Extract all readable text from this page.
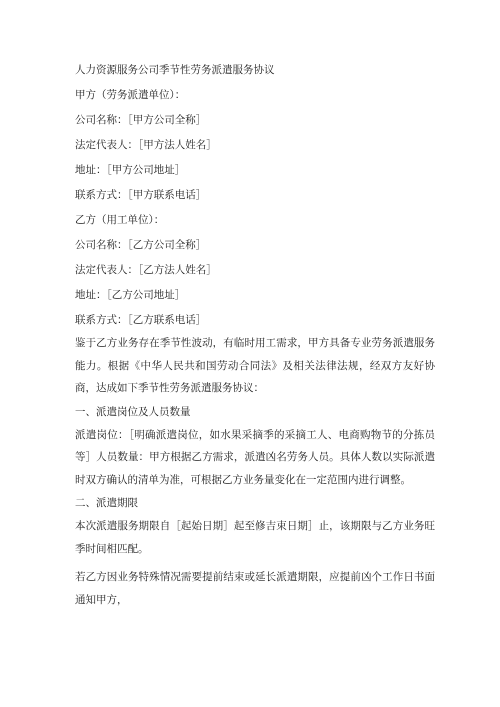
人力资源服务公司季节性劳务派遣服务协议

甲方（劳务派遣单位）：

公司名称：［甲方公司全称］

法定代表人：［甲方法人姓名］

地址：［甲方公司地址］

联系方式：［甲方联系电话］

乙方（用工单位）：

公司名称：［乙方公司全称］

法定代表人：［乙方法人姓名］

地址：［乙方公司地址］

联系方式：［乙方联系电话］

鉴于乙方业务存在季节性波动，有临时用工需求，甲方具备专业劳务派遣服务能力。根据《中华人民共和国劳动合同法》及相关法律法规，经双方友好协商，达成如下季节性劳务派遣服务协议：

一、派遣岗位及人员数量

派遣岗位：［明确派遣岗位，如水果采摘季的采摘工人、电商购物节的分拣员等］人员数量：甲方根据乙方需求，派遣凶名劳务人员。具体人数以实际派遣时双方确认的清单为准，可根据乙方业务量变化在一定范围内进行调整。

二、派遣期限

本次派遣服务期限自［起始日期］起至修吉束日期］止，该期限与乙方业务旺季时间相匹配。

若乙方因业务特殊情况需要提前结束或延长派遣期限，应提前凶个工作日书面通知甲方，
